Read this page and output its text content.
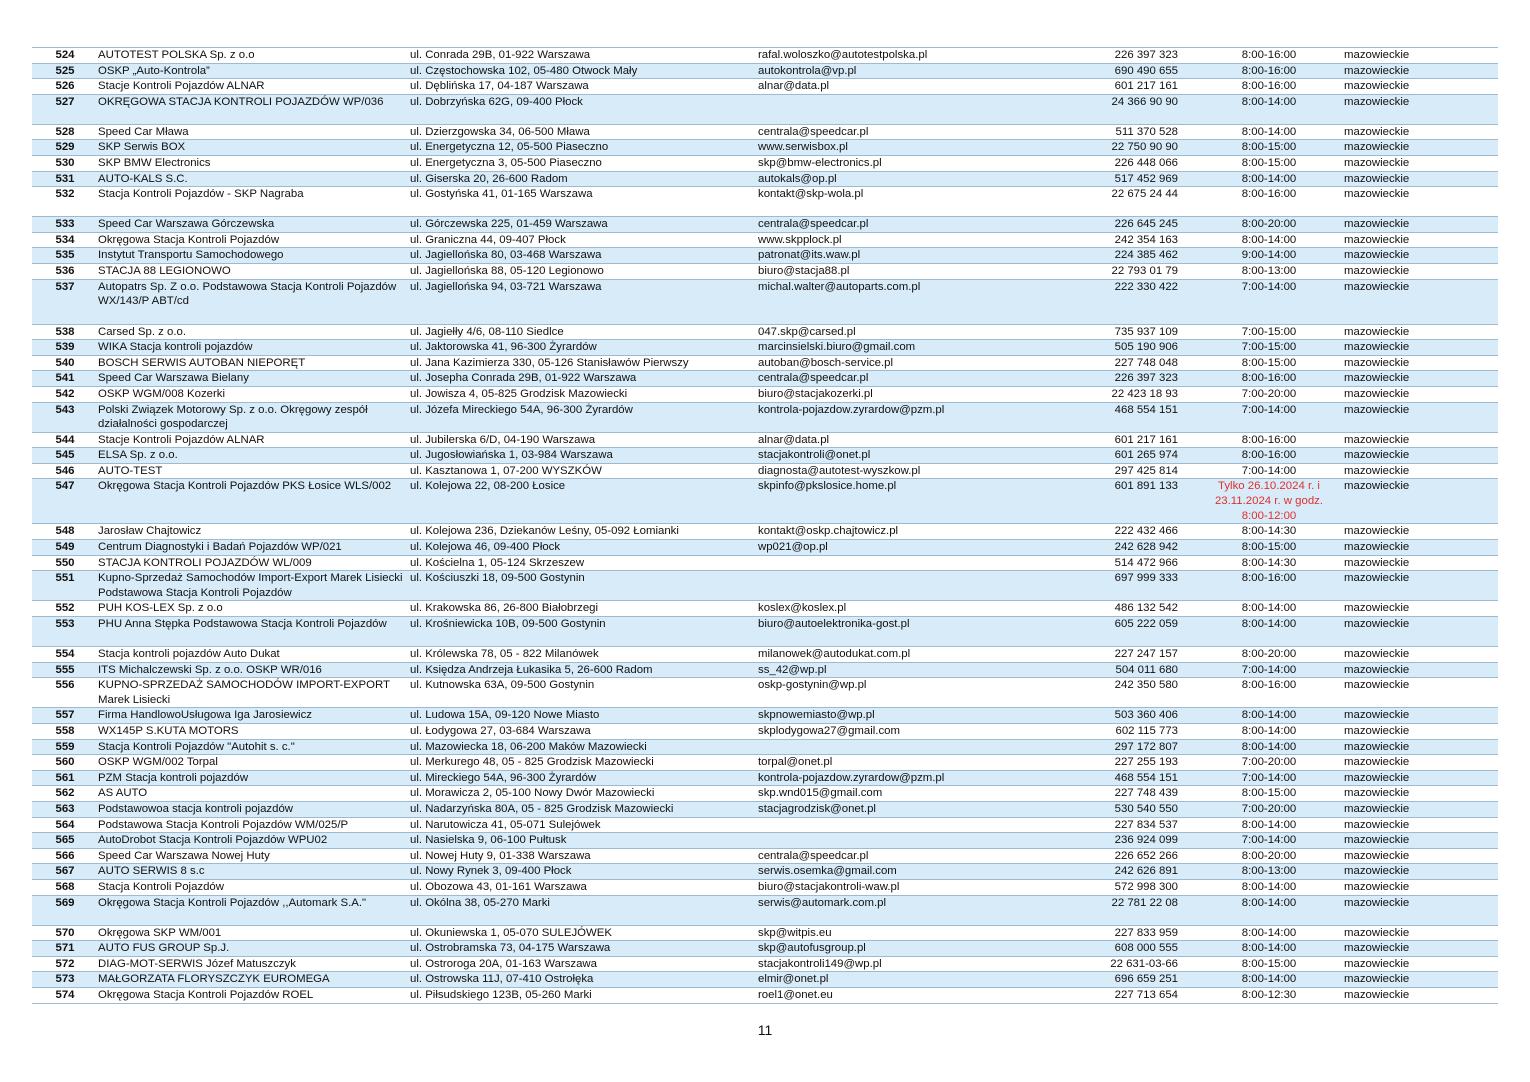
524	AUTOTEST POLSKA Sp. z o.o	ul. Conrada 29B, 01-922 Warszawa	rafal.woloszko@autotestpolska.pl	226 397 323	8:00-16:00	mazowieckie
525	OSKP „Auto-Kontrola”	ul. Częstochowska 102, 05-480 Otwock Mały	autokontrola@vp.pl	690 490 655	8:00-16:00	mazowieckie
526	Stacje Kontroli Pojazdów ALNAR	ul. Dęblińska 17, 04-187 Warszawa	alnar@data.pl	601 217 161	8:00-16:00	mazowieckie
527	OKRĘGOWA STACJA KONTROLI POJAZDÓW WP/036	ul. Dobrzyńska 62G, 09-400 Płock		24 366 90 90	8:00-14:00	mazowieckie
528	Speed Car Mława	ul. Dzierzgowska 34, 06-500 Mława	centrala@speedcar.pl	511 370 528	8:00-14:00	mazowieckie
529	SKP Serwis BOX	ul. Energetyczna 12, 05-500 Piaseczno	www.serwisbox.pl	22 750 90 90	8:00-15:00	mazowieckie
530	SKP BMW Electronics	ul. Energetyczna 3, 05-500 Piaseczno	skp@bmw-electronics.pl	226 448 066	8:00-15:00	mazowieckie
531	AUTO-KALS S.C.	ul. Giserska 20, 26-600 Radom	autokals@op.pl	517 452 969	8:00-14:00	mazowieckie
532	Stacja Kontroli Pojazdów - SKP Nagraba	ul. Gostyńska 41, 01-165 Warszawa	kontakt@skp-wola.pl	22 675 24 44	8:00-16:00	mazowieckie
533	Speed Car Warszawa Górczewska	ul. Górczewska 225, 01-459 Warszawa	centrala@speedcar.pl	226 645 245	8:00-20:00	mazowieckie
534	Okręgowa Stacja Kontroli Pojazdów	ul. Graniczna 44, 09-407 Płock	www.skpplock.pl	242 354 163	8:00-14:00	mazowieckie
535	Instytut Transportu Samochodowego	ul. Jagiellońska 80, 03-468 Warszawa	patronat@its.waw.pl	224 385 462	9:00-14:00	mazowieckie
536	STACJA 88 LEGIONOWO	ul. Jagiellońska 88, 05-120 Legionowo	biuro@stacja88.pl	22 793 01 79	8:00-13:00	mazowieckie
537	Autopatrs Sp. Z o.o. Podstawowa Stacja Kontroli Pojazdów WX/143/P ABT/cd	ul. Jagiellońska 94, 03-721 Warszawa	michal.walter@autoparts.com.pl	222 330 422	7:00-14:00	mazowieckie
538	Carsed Sp. z o.o.	ul. Jagiełły 4/6, 08-110 Siedlce	047.skp@carsed.pl	735 937 109	7:00-15:00	mazowieckie
539	WIKA Stacja kontroli pojazdów	ul. Jaktorowska 41, 96-300 Żyrardów	marcinsielski.biuro@gmail.com	505 190 906	7:00-15:00	mazowieckie
540	BOSCH SERWIS AUTOBAN NIEPORĘT	ul. Jana Kazimierza 330, 05-126 Stanisławów Pierwszy	autoban@bosch-service.pl	227 748 048	8:00-15:00	mazowieckie
541	Speed Car Warszawa Bielany	ul. Josepha Conrada 29B, 01-922 Warszawa	centrala@speedcar.pl	226 397 323	8:00-16:00	mazowieckie
542	OSKP WGM/008 Kozerki	ul. Jowisza 4, 05-825 Grodzisk Mazowiecki	biuro@stacjakozerki.pl	22 423 18 93	7:00-20:00	mazowieckie
543	Polski Związek Motorowy Sp. z o.o. Okręgowy zespół działalności gospodarczej	ul. Józefa Mireckiego 54A, 96-300 Żyrardów	kontrola-pojazdow.zyrardow@pzm.pl	468 554 151	7:00-14:00	mazowieckie
544	Stacje Kontroli Pojazdów ALNAR	ul. Jubilerska 6/D, 04-190 Warszawa	alnar@data.pl	601 217 161	8:00-16:00	mazowieckie
545	ELSA Sp. z o.o.	ul. Jugosłowiańska 1, 03-984 Warszawa	stacjakontroli@onet.pl	601 265 974	8:00-16:00	mazowieckie
546	AUTO-TEST	ul. Kasztanowa 1, 07-200 WYSZKÓW	diagnosta@autotest-wyszkow.pl	297 425 814	7:00-14:00	mazowieckie
547	Okręgowa Stacja Kontroli Pojazdów PKS Łosice WLS/002	ul. Kolejowa 22, 08-200 Łosice	skpinfo@pkslosice.home.pl	601 891 133	Tylko 26.10.2024 r. i 23.11.2024 r. w godz. 8:00-12:00	mazowieckie
548	Jarosław Chajtowicz	ul. Kolejowa 236, Dziekanów Leśny, 05-092 Łomianki	kontakt@oskp.chajtowicz.pl	222 432 466	8:00-14:30	mazowieckie
549	Centrum Diagnostyki i Badań Pojazdów WP/021	ul. Kolejowa 46, 09-400 Płock	wp021@op.pl	242 628 942	8:00-15:00	mazowieckie
550	STACJA KONTROLI POJAZDÓW WL/009	ul. Kościelna 1, 05-124 Skrzeszew		514 472 966	8:00-14:30	mazowieckie
551	Kupno-Sprzedaż Samochodów Import-Export Marek Lisiecki Podstawowa Stacja Kontroli Pojazdów	ul. Kościuszki 18, 09-500 Gostynin		697 999 333	8:00-16:00	mazowieckie
552	PUH KOS-LEX Sp. z o.o	ul. Krakowska 86, 26-800 Białobrzegi	koslex@koslex.pl	486 132 542	8:00-14:00	mazowieckie
553	PHU Anna Stępka Podstawowa Stacja Kontroli Pojazdów	ul. Krośniewicka 10B, 09-500 Gostynin	biuro@autoelektronika-gost.pl	605 222 059	8:00-14:00	mazowieckie
554	Stacja kontroli pojazdów Auto Dukat	ul. Królewska 78, 05 - 822 Milanówek	milanowek@autodukat.com.pl	227 247 157	8:00-20:00	mazowieckie
555	ITS Michalczewski Sp. z o.o. OSKP WR/016	ul. Księdza Andrzeja Łukasika 5, 26-600 Radom	ss_42@wp.pl	504 011 680	7:00-14:00	mazowieckie
556	KUPNO-SPRZEDAŻ SAMOCHODÓW IMPORT-EXPORT Marek Lisiecki	ul. Kutnowska 63A, 09-500 Gostynin	oskp-gostynin@wp.pl	242 350 580	8:00-16:00	mazowieckie
557	Firma HandlowoUsługowa Iga Jarosiewicz	ul. Ludowa 15A, 09-120 Nowe Miasto	skpnowemiasto@wp.pl	503 360 406	8:00-14:00	mazowieckie
558	WX145P S.KUTA MOTORS	ul. Łodygowa 27, 03-684 Warszawa	skplodygowa27@gmail.com	602 115 773	8:00-14:00	mazowieckie
559	Stacja Kontroli Pojazdów "Autohit s. c."	ul. Mazowiecka 18, 06-200 Maków Mazowiecki		297 172 807	8:00-14:00	mazowieckie
560	OSKP WGM/002 Torpal	ul. Merkurego 48, 05 - 825 Grodzisk Mazowiecki	torpal@onet.pl	227 255 193	7:00-20:00	mazowieckie
561	PZM Stacja kontroli pojazdów	ul. Mireckiego 54A, 96-300 Żyrardów	kontrola-pojazdow.zyrardow@pzm.pl	468 554 151	7:00-14:00	mazowieckie
562	AS AUTO	ul. Morawicza 2, 05-100 Nowy Dwór Mazowiecki	skp.wnd015@gmail.com	227 748 439	8:00-15:00	mazowieckie
563	Podstawowoa stacja kontroli pojazdów	ul. Nadarzyńska 80A, 05 - 825 Grodzisk Mazowiecki	stacjagrodzisk@onet.pl	530 540 550	7:00-20:00	mazowieckie
564	Podstawowa Stacja Kontroli Pojazdów WM/025/P	ul. Narutowicza 41, 05-071 Sulejówek		227 834 537	8:00-14:00	mazowieckie
565	AutoDrobot Stacja Kontroli Pojazdów WPU02	ul. Nasielska 9, 06-100 Pułtusk		236 924 099	7:00-14:00	mazowieckie
566	Speed Car Warszawa Nowej Huty	ul. Nowej Huty 9, 01-338 Warszawa	centrala@speedcar.pl	226 652 266	8:00-20:00	mazowieckie
567	AUTO SERWIS 8 s.c	ul. Nowy Rynek 3, 09-400 Płock	serwis.osemka@gmail.com	242 626 891	8:00-13:00	mazowieckie
568	Stacja Kontroli Pojazdów	ul. Obozowa 43, 01-161 Warszawa	biuro@stacjakontroli-waw.pl	572 998 300	8:00-14:00	mazowieckie
569	Okręgowa Stacja Kontroli Pojazdów ,,Automark S.A."	ul. Okólna 38, 05-270 Marki	serwis@automark.com.pl	22 781 22 08	8:00-14:00	mazowieckie
570	Okręgowa SKP WM/001	ul. Okuniewska 1, 05-070 SULEJÓWEK	skp@witpis.eu	227 833 959	8:00-14:00	mazowieckie
571	AUTO FUS GROUP Sp.J.	ul. Ostrobramska 73, 04-175 Warszawa	skp@autofusgroup.pl	608 000 555	8:00-14:00	mazowieckie
572	DIAG-MOT-SERWIS Józef Matuszczyk	ul. Ostroroga 20A, 01-163 Warszawa	stacjakontroli149@wp.pl	22 631-03-66	8:00-15:00	mazowieckie
573	MAŁGORZATA FLORYSZCZYK EUROMEGA	ul. Ostrowska 11J, 07-410 Ostrołęka	elmir@onet.pl	696 659 251	8:00-14:00	mazowieckie
574	Okręgowa Stacja Kontroli Pojazdów ROEL	ul. Piłsudskiego 123B, 05-260 Marki	roel1@onet.eu	227 713 654	8:00-12:30	mazowieckie
11
